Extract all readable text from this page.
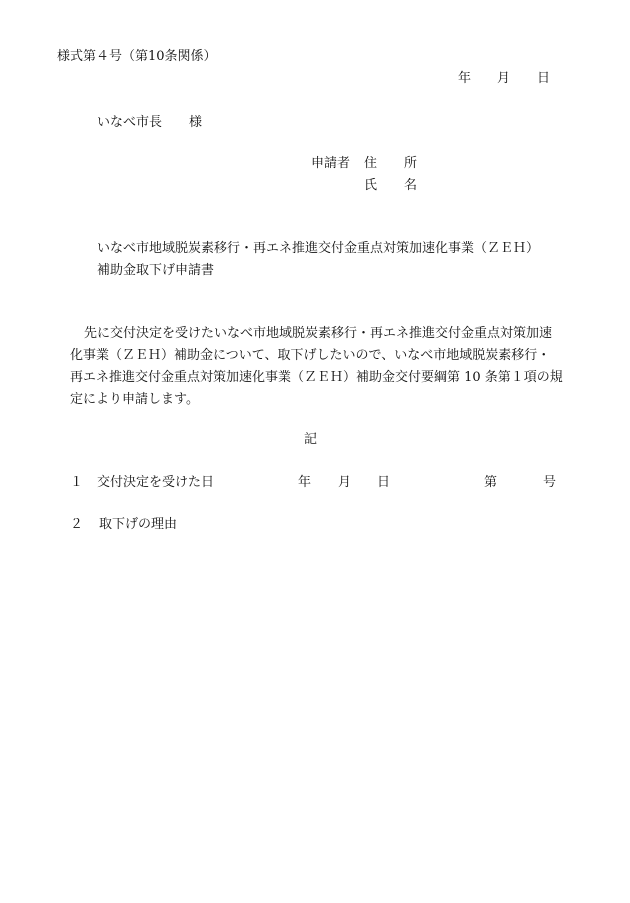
様式第４号（第10条関係）
年 月 日
いなべ市長 様
申請者 住 所
氏 名
いなべ市地域脱炭素移行・再エネ推進交付金重点対策加速化事業（ＺＥＨ）
補助金取下げ申請書
先に交付決定を受けたいなべ市地域脱炭素移行・再エネ推進交付金重点対策加速
化事業（ＺＥＨ）補助金について、取下げしたいので、いなべ市地域脱炭素移行・
再エネ推進交付金重点対策加速化事業（ＺＥＨ）補助金交付要綱第 10 条第１項の規
定により申請します。
記
１ 交付決定を受けた日	年 月 日	第	号
２ 取下げの理由
